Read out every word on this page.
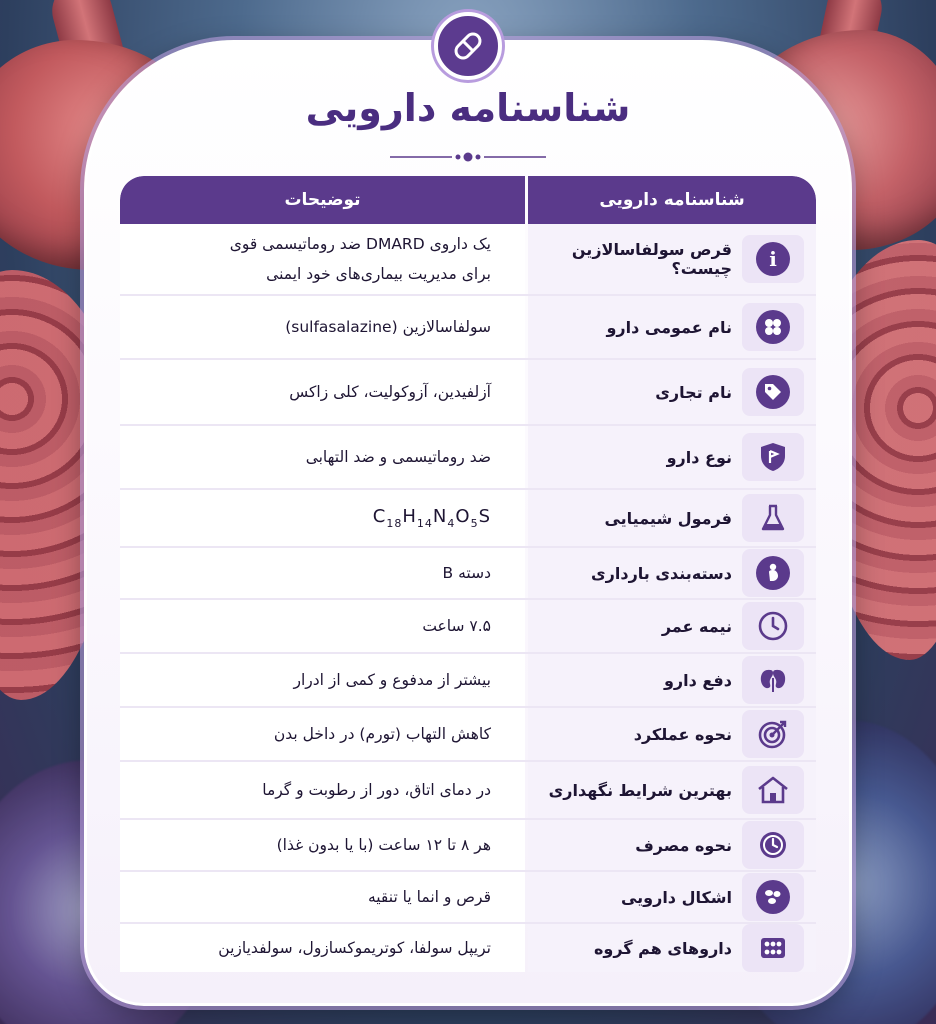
شناسنامه دارویی
شناسنامه دارویی
توضیحات
i
قرص سولفاسالازین چیست؟
یک داروی DMARD ضد روماتیسمی قوی
برای مدیریت بیماری‌های خود ایمنی
نام عمومی دارو
سولفاسالازین (sulfasalazine)
نام تجاری
آزلفیدین، آزوکولیت، کلی زاکس
نوع دارو
ضد روماتیسمی و ضد التهابی
فرمول شیمیایی
$C_{18}H_{14}N_4O_5S$
دسته‌بندی بارداری
دسته B
نیمه عمر
۷.۵ ساعت
دفع دارو
بیشتر از مدفوع و کمی از ادرار
نحوه عملکرد
کاهش التهاب (تورم) در داخل بدن
بهترین شرایط نگهداری
در دمای اتاق، دور از رطوبت و گرما
نحوه مصرف
هر ۸ تا ۱۲ ساعت (با یا بدون غذا)
اشکال دارویی
قرص و انما یا تنقیه
داروهای هم گروه
تریپل سولفا، کوتریموکسازول، سولفدیازین
